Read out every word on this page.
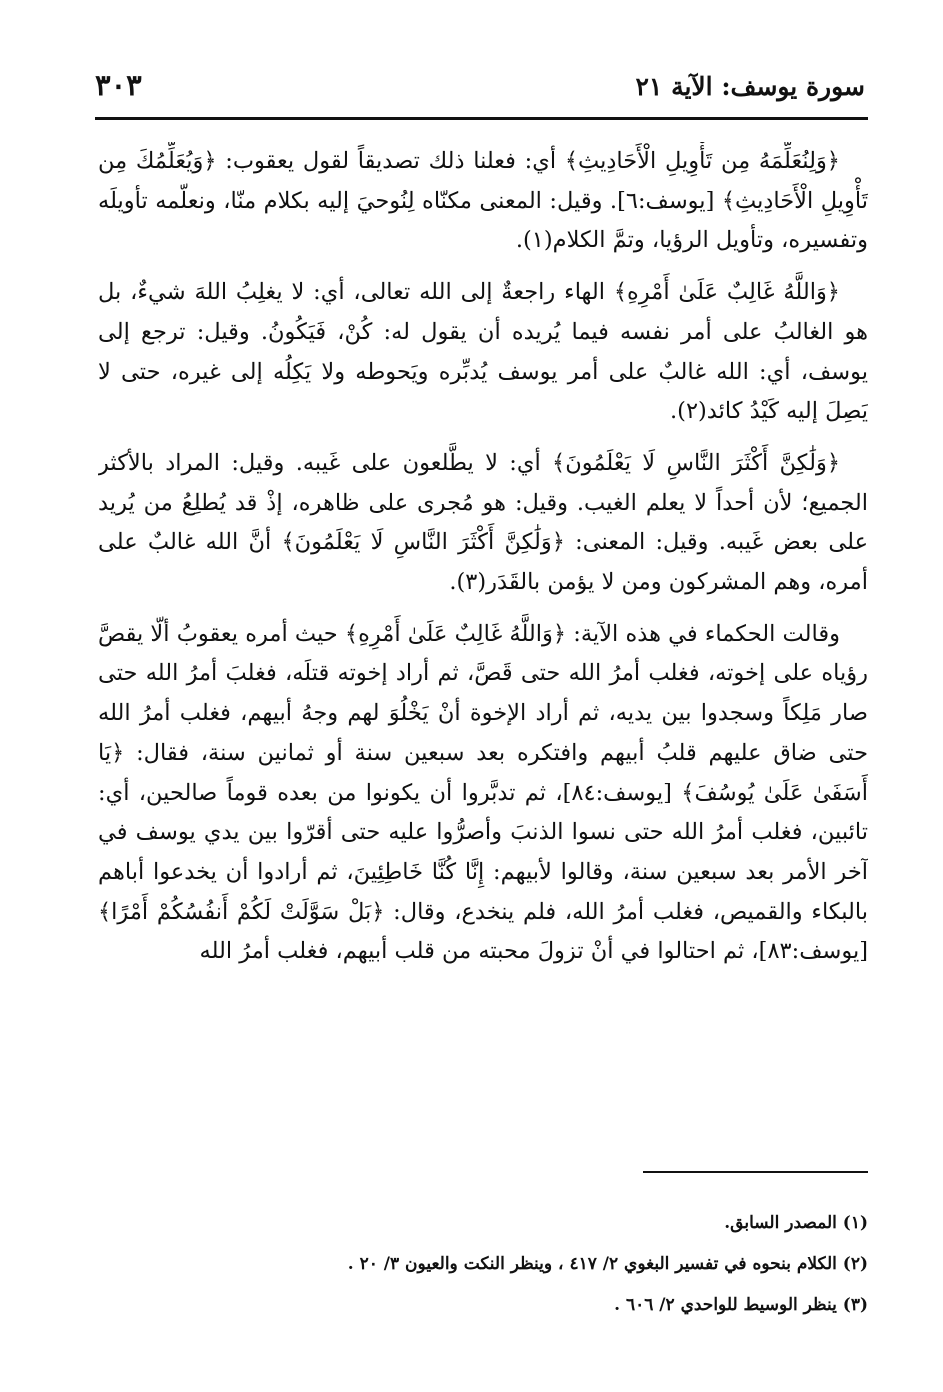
سورة يوسف: الآية ٢١
٣٠٣

﴿وَلِنُعَلِّمَهُ مِن تَأْوِيلِ الْأَحَادِيثِ﴾ أي: فعلنا ذلك تصديقاً لقول يعقوب: ﴿وَيُعَلِّمُكَ مِن تَأْوِيلِ الْأَحَادِيثِ﴾ [يوسف:٦]. وقيل: المعنى مكنّاه لِنُوحيَ إليه بكلام منّا، ونعلّمه تأويلَه وتفسيره، وتأويل الرؤيا، وتمَّ الكلام(١).

﴿وَاللَّهُ غَالِبٌ عَلَىٰ أَمْرِهِ﴾ الهاء راجعةٌ إلى الله تعالى، أي: لا يغلِبُ اللهَ شيءٌ، بل هو الغالبُ على أمر نفسه فيما يُريده أن يقول له: كُنْ، فَيَكُونُ. وقيل: ترجع إلى يوسف، أي: الله غالبٌ على أمر يوسف يُدبِّره ويَحوطه ولا يَكِلُه إلى غيره، حتى لا يَصِلَ إليه كَيْدُ كائد(٢).

﴿وَلَٰكِنَّ أَكْثَرَ النَّاسِ لَا يَعْلَمُونَ﴾ أي: لا يطَّلعون على غَيبه. وقيل: المراد بالأكثر الجميع؛ لأن أحداً لا يعلم الغيب. وقيل: هو مُجرى على ظاهره، إذْ قد يُطلِعُ من يُريد على بعض غَيبه. وقيل: المعنى: ﴿وَلَٰكِنَّ أَكْثَرَ النَّاسِ لَا يَعْلَمُونَ﴾ أنَّ الله غالبٌ على أمره، وهم المشركون ومن لا يؤمن بالقَدَر(٣).

وقالت الحكماء في هذه الآية: ﴿وَاللَّهُ غَالِبٌ عَلَىٰ أَمْرِهِ﴾ حيث أمره يعقوبُ ألّا يقصَّ رؤياه على إخوته، فغلب أمرُ الله حتى قَصَّ، ثم أراد إخوته قتلَه، فغلبَ أمرُ الله حتى صار مَلِكاً وسجدوا بين يديه، ثم أراد الإخوة أنْ يَخْلُوَ لهم وجهُ أبيهم، فغلب أمرُ الله حتى ضاق عليهم قلبُ أبيهم وافتكره بعد سبعين سنة أو ثمانين سنة، فقال: ﴿يَا أَسَفَىٰ عَلَىٰ يُوسُفَ﴾ [يوسف:٨٤]، ثم تدبَّروا أن يكونوا من بعده قوماً صالحين، أي: تائبين، فغلب أمرُ الله حتى نسوا الذنبَ وأصرُّوا عليه حتى أقرّوا بين يدي يوسف في آخر الأمر بعد سبعين سنة، وقالوا لأبيهم: إِنَّا كُنَّا خَاطِئِينَ، ثم أرادوا أن يخدعوا أباهم بالبكاء والقميص، فغلب أمرُ الله، فلم ينخدع، وقال: ﴿بَلْ سَوَّلَتْ لَكُمْ أَنفُسُكُمْ أَمْرًا﴾ [يوسف:٨٣]، ثم احتالوا في أنْ تزولَ محبته من قلب أبيهم، فغلب أمرُ الله

(١) المصدر السابق.
(٢) الكلام بنحوه في تفسير البغوي ٢/ ٤١٧ ، وينظر النكت والعيون ٣/ ٢٠ .
(٣) ينظر الوسيط للواحدي ٢/ ٦٠٦ .
